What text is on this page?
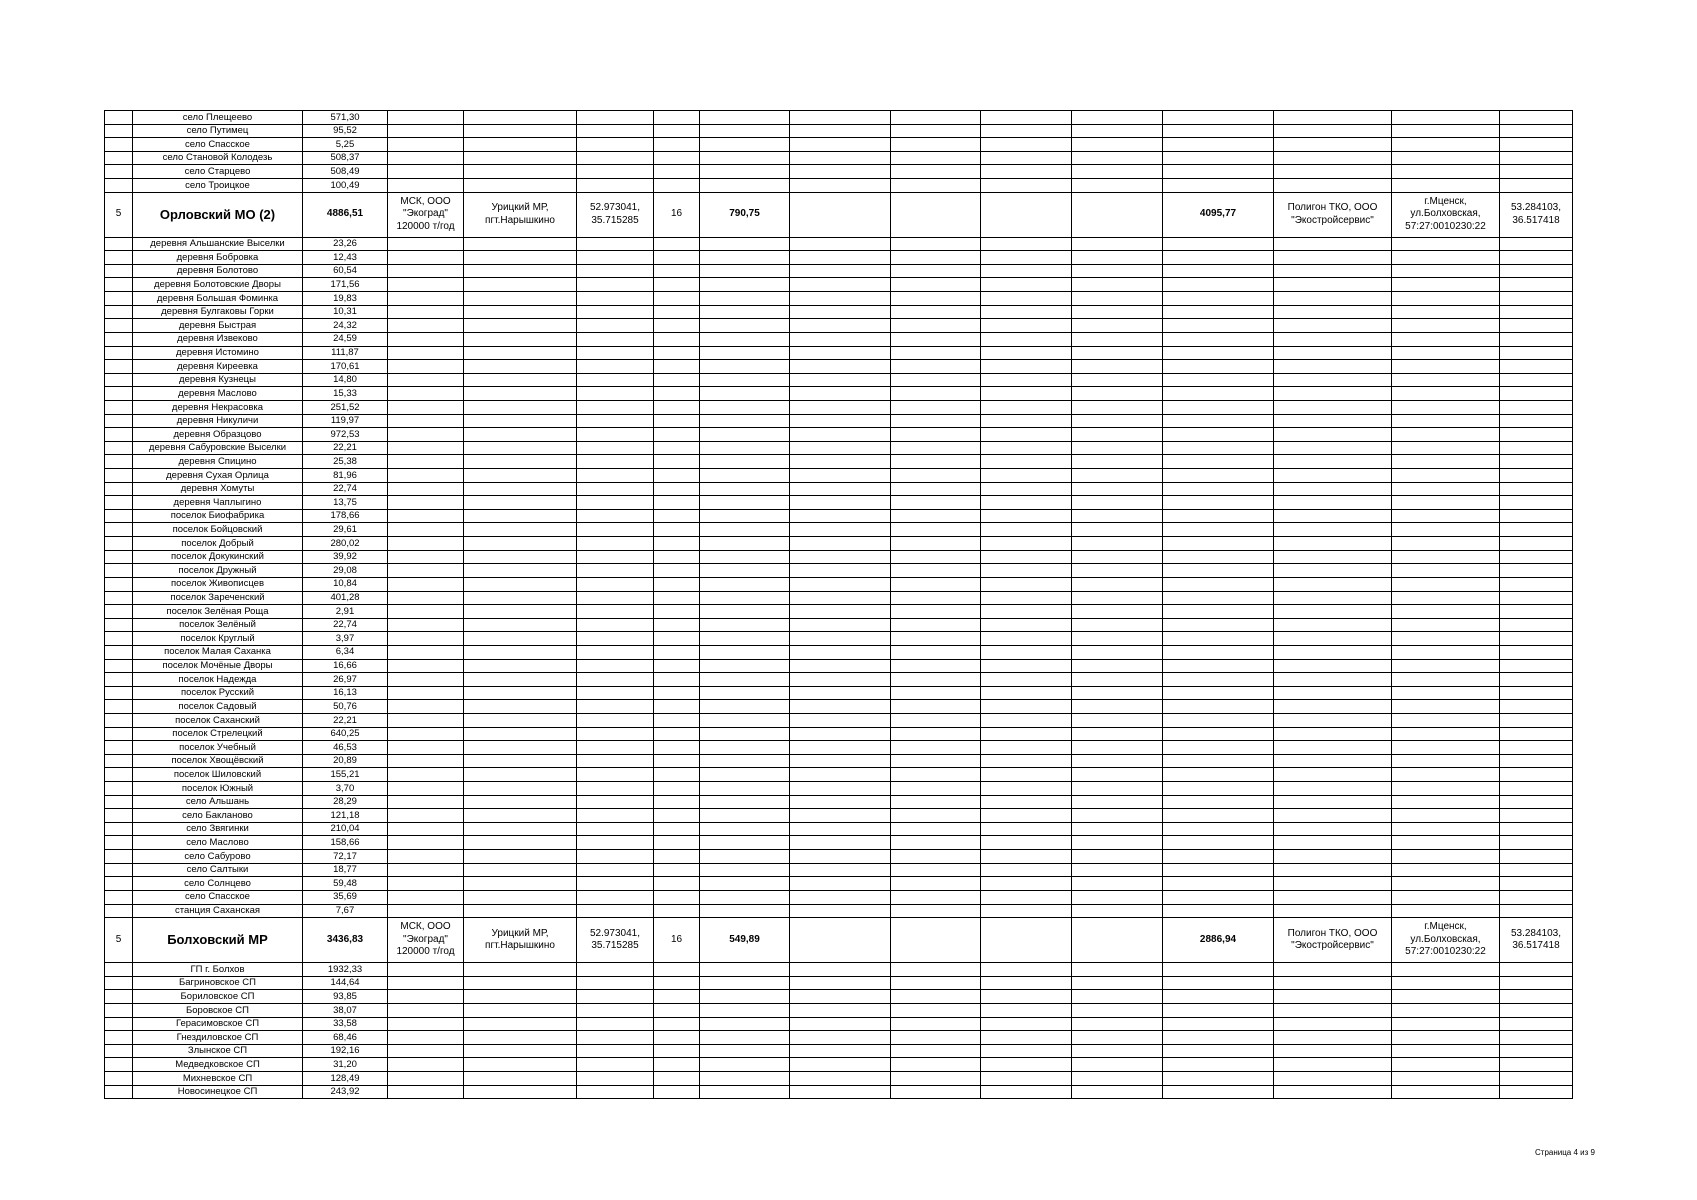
	село Плещеево	571,30													
	село Путимец	95,52													
	село Спасское	5,25													
	село Становой Колодезь	508,37													
	село Старцево	508,49													
	село Троицкое	100,49													
5	Орловский МО (2)	4886,51	МСК, ООО "Экоград" 120000 т/год	Урицкий МР, пгт.Нарышкино	52.973041, 35.715285	16	790,75					4095,77	Полигон ТКО, ООО "Экостройсервис"	г.Мценск, ул.Болховская, 57:27:0010230:22	53.284103, 36.517418
	деревня Альшанские Выселки	23,26													
	деревня Бобровка	12,43													
	деревня Болотово	60,54													
	деревня Болотовские Дворы	171,56													
	деревня Большая Фоминка	19,83													
	деревня Булгаковы Горки	10,31													
	деревня Быстрая	24,32													
	деревня Извеково	24,59													
	деревня Истомино	111,87													
	деревня Киреевка	170,61													
	деревня Кузнецы	14,80													
	деревня Маслово	15,33													
	деревня Некрасовка	251,52													
	деревня Никуличи	119,97													
	деревня Образцово	972,53													
	деревня Сабуровские Выселки	22,21													
	деревня Спицино	25,38													
	деревня Сухая Орлица	81,96													
	деревня Хомуты	22,74													
	деревня Чаплыгино	13,75													
	поселок Биофабрика	178,66													
	поселок Бойцовский	29,61													
	поселок Добрый	280,02													
	поселок Докукинский	39,92													
	поселок Дружный	29,08													
	поселок Живописцев	10,84													
	поселок Зареченский	401,28													
	поселок Зелёная Роща	2,91													
	поселок Зелёный	22,74													
	поселок Круглый	3,97													
	поселок Малая Саханка	6,34													
	поселок Мочёные Дворы	16,66													
	поселок Надежда	26,97													
	поселок Русский	16,13													
	поселок Садовый	50,76													
	поселок Саханский	22,21													
	поселок Стрелецкий	640,25													
	поселок Учебный	46,53													
	поселок Хвощёвский	20,89													
	поселок Шиловский	155,21													
	поселок Южный	3,70													
	село Альшань	28,29													
	село Бакланово	121,18													
	село Звягинки	210,04													
	село Маслово	158,66													
	село Сабурово	72,17													
	село Салтыки	18,77													
	село Солнцево	59,48													
	село Спасское	35,69													
	станция Саханская	7,67													
5	Болховский МР	3436,83	МСК, ООО "Экоград" 120000 т/год	Урицкий МР, пгт.Нарышкино	52.973041, 35.715285	16	549,89					2886,94	Полигон ТКО, ООО "Экостройсервис"	г.Мценск, ул.Болховская, 57:27:0010230:22	53.284103, 36.517418
	ГП г. Болхов	1932,33													
	Багриновское СП	144,64													
	Бориловское СП	93,85													
	Боровское СП	38,07													
	Герасимовское СП	33,58													
	Гнездиловское СП	68,46													
	Злынское СП	192,16													
	Медведковское СП	31,20													
	Михневское СП	128,49													
	Новосинецкое СП	243,92													
Страница 4 из 9
